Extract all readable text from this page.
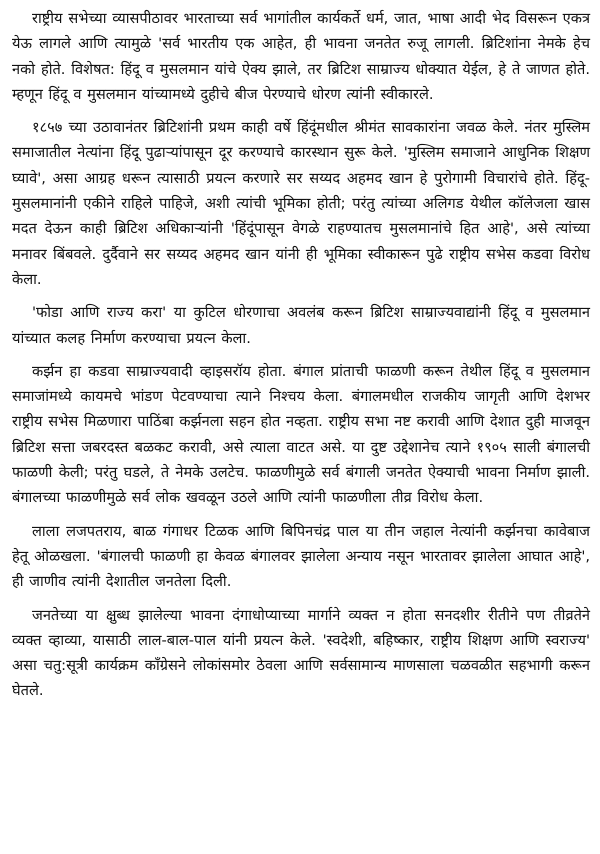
राष्ट्रीय सभेच्या व्यासपीठावर भारताच्या सर्व भागांतील कार्यकर्ते धर्म, जात, भाषा आदी भेद विसरून एकत्र येऊ लागले आणि त्यामुळे 'सर्व भारतीय एक आहेत, ही भावना जनतेत रुजू लागली. ब्रिटिशांना नेमके हेच नको होते. विशेषत: हिंदू व मुसलमान यांचे ऐक्य झाले, तर ब्रिटिश साम्राज्य धोक्यात येईल, हे ते जाणत होते. म्हणून हिंदू व मुसलमान यांच्यामध्ये दुहीचे बीज पेरण्याचे धोरण त्यांनी स्वीकारले.

१८५७ च्या उठावानंतर ब्रिटिशांनी प्रथम काही वर्षे हिंदूंमधील श्रीमंत सावकारांना जवळ केले. नंतर मुस्लिम समाजातील नेत्यांना हिंदू पुढाऱ्यांपासून दूर करण्याचे कारस्थान सुरू केले. 'मुस्लिम समाजाने आधुनिक शिक्षण घ्यावे', असा आग्रह धरून त्यासाठी प्रयत्न करणारे सर सय्यद अहमद खान हे पुरोगामी विचारांचे होते. हिंदू-मुसलमानांनी एकीने राहिले पाहिजे, अशी त्यांची भूमिका होती; परंतु त्यांच्या अलिगड येथील कॉलेजला खास मदत देऊन काही ब्रिटिश अधिकाऱ्यांनी 'हिंदूंपासून वेगळे राहण्यातच मुसलमानांचे हित आहे', असे त्यांच्या मनावर बिंबवले. दुर्दैवाने सर सय्यद अहमद खान यांनी ही भूमिका स्वीकारून पुढे राष्ट्रीय सभेस कडवा विरोध केला.

'फोडा आणि राज्य करा' या कुटिल धोरणाचा अवलंब करून ब्रिटिश साम्राज्यवाद्यांनी हिंदू व मुसलमान यांच्यात कलह निर्माण करण्याचा प्रयत्न केला.

कर्झन हा कडवा साम्राज्यवादी व्हाइसरॉय होता. बंगाल प्रांताची फाळणी करून तेथील हिंदू व मुसलमान समाजांमध्ये कायमचे भांडण पेटवण्याचा त्याने निश्चय केला. बंगालमधील राजकीय जागृती आणि देशभर राष्ट्रीय सभेस मिळणारा पाठिंबा कर्झनला सहन होत नव्हता. राष्ट्रीय सभा नष्ट करावी आणि देशात दुही माजवून ब्रिटिश सत्ता जबरदस्त बळकट करावी, असे त्याला वाटत असे. या दुष्ट उद्देशानेच त्याने १९०५ साली बंगालची फाळणी केली; परंतु घडले, ते नेमके उलटेच. फाळणीमुळे सर्व बंगाली जनतेत ऐक्याची भावना निर्माण झाली. बंगालच्या फाळणीमुळे सर्व लोक खवळून उठले आणि त्यांनी फाळणीला तीव्र विरोध केला.

लाला लजपतराय, बाळ गंगाधर टिळक आणि बिपिनचंद्र पाल या तीन जहाल नेत्यांनी कर्झनचा कावेबाज हेतू ओळखला. 'बंगालची फाळणी हा केवळ बंगालवर झालेला अन्याय नसून भारतावर झालेला आघात आहे', ही जाणीव त्यांनी देशातील जनतेला दिली.

जनतेच्या या क्षुब्ध झालेल्या भावना दंगाधोप्याच्या मार्गाने व्यक्त न होता सनदशीर रीतीने पण तीव्रतेने व्यक्त व्हाव्या, यासाठी लाल-बाल-पाल यांनी प्रयत्न केले. 'स्वदेशी, बहिष्कार, राष्ट्रीय शिक्षण आणि स्वराज्य' असा चतु:सूत्री कार्यक्रम काँग्रेसने लोकांसमोर ठेवला आणि सर्वसामान्य माणसाला चळवळीत सहभागी करून घेतले.
